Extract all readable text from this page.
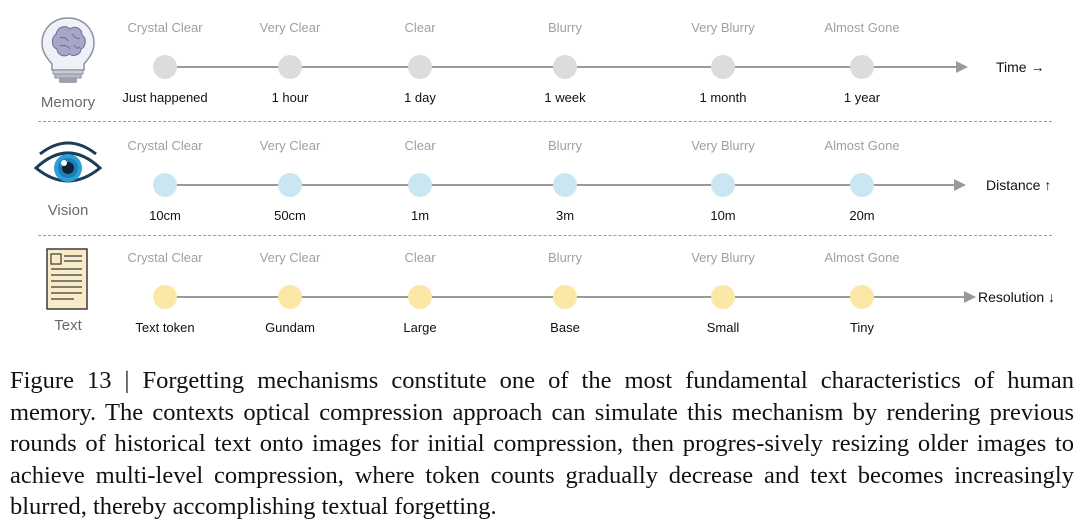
Memory
Time →
Crystal Clear
Just happened
Very Clear
1 hour
Clear
1 day
Blurry
1 week
Very Blurry
1 month
Almost Gone
1 year
Vision
Distance ↑
Crystal Clear
10cm
Very Clear
50cm
Clear
1m
Blurry
3m
Very Blurry
10m
Almost Gone
20m
Text
Resolution ↓
Crystal Clear
Text token
Very Clear
Gundam
Clear
Large
Blurry
Base
Very Blurry
Small
Almost Gone
Tiny
Figure 13 | Forgetting mechanisms constitute one of the most fundamental characteristics of human memory. The contexts optical compression approach can simulate this mechanism by rendering previous rounds of historical text onto images for initial compression, then progres-sively resizing older images to achieve multi-level compression, where token counts gradually decrease and text becomes increasingly blurred, thereby accomplishing textual forgetting.
